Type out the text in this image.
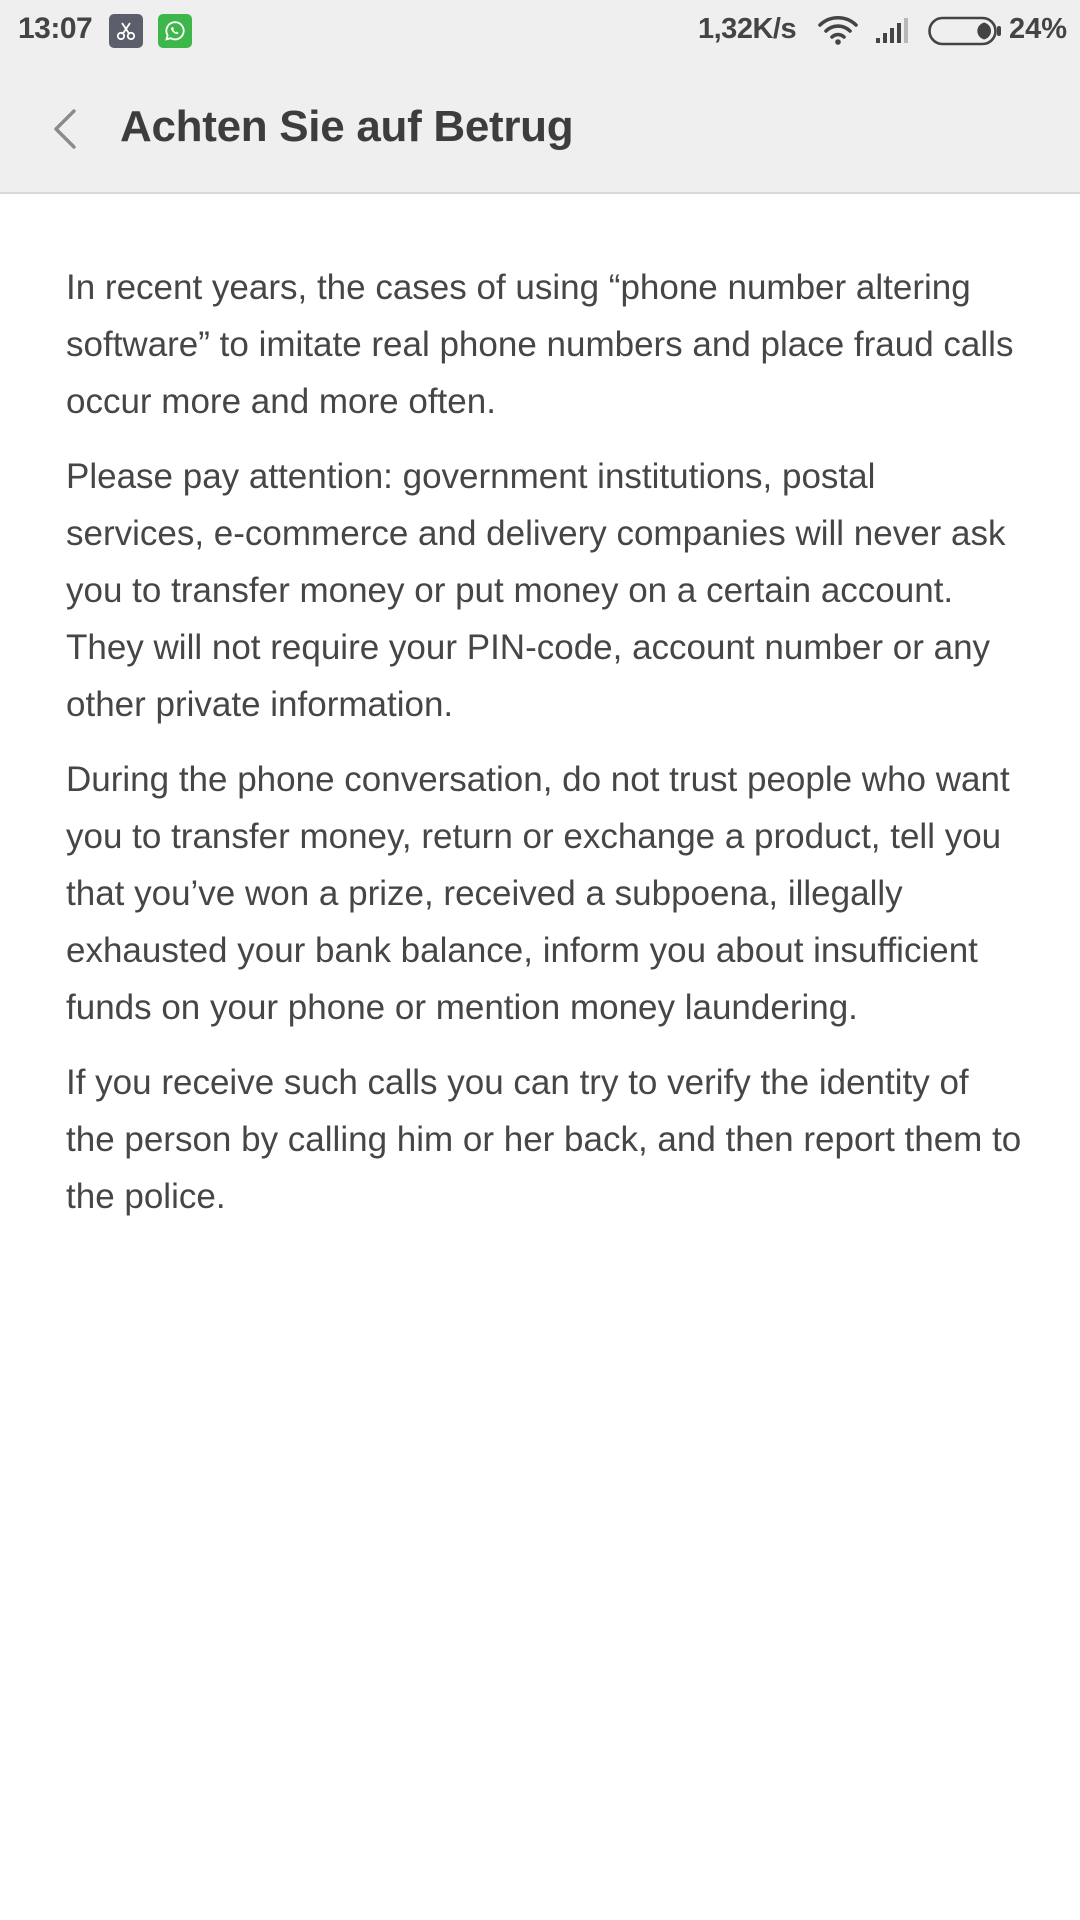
13:07	1,32K/s	24%
Achten Sie auf Betrug

In recent years, the cases of using “phone number altering software” to imitate real phone numbers and place fraud calls occur more and more often.

Please pay attention: government institutions, postal services, e-commerce and delivery companies will never ask you to transfer money or put money on a certain account. They will not require your PIN-code, account number or any other private information.

During the phone conversation, do not trust people who want you to transfer money, return or exchange a product, tell you that you’ve won a prize, received a subpoena, illegally exhausted your bank balance, inform you about insufficient funds on your phone or mention money laundering.

If you receive such calls you can try to verify the identity of the person by calling him or her back, and then report them to the police.
